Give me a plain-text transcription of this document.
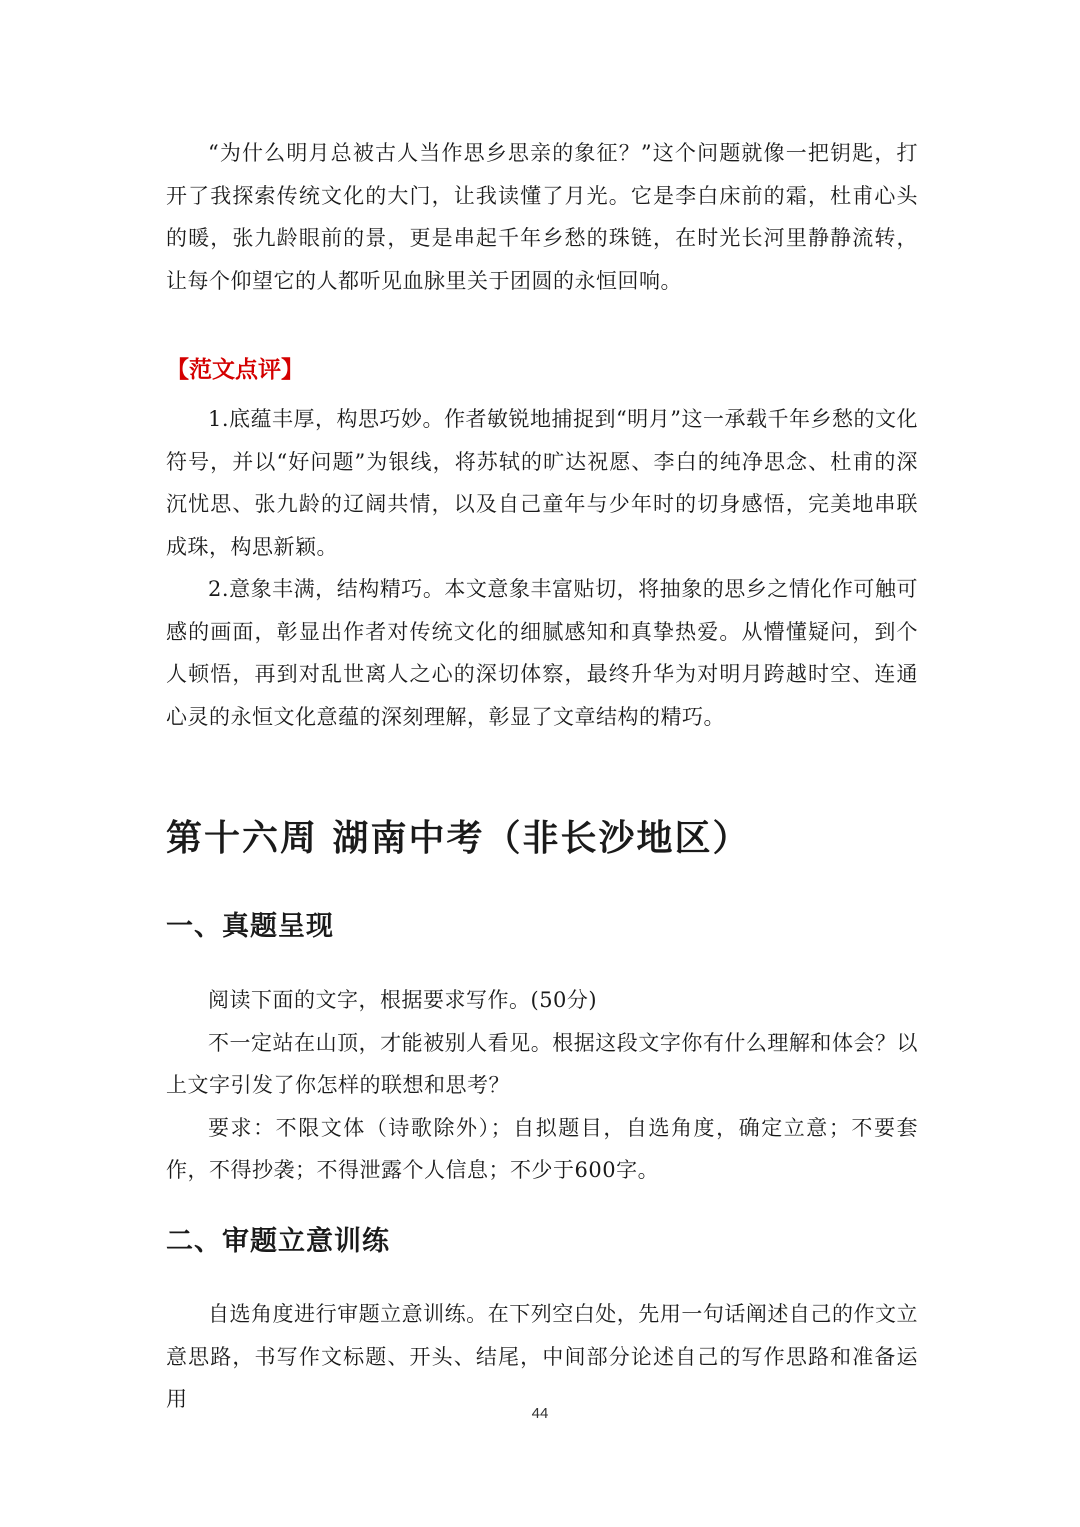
“为什么明月总被古人当作思乡思亲的象征？”这个问题就像一把钥匙，打开了我探索传统文化的大门，让我读懂了月光。它是李白床前的霜，杜甫心头的暖，张九龄眼前的景，更是串起千年乡愁的珠链，在时光长河里静静流转，让每个仰望它的人都听见血脉里关于团圆的永恒回响。

【范文点评】

1.底蕴丰厚，构思巧妙。作者敏锐地捕捉到“明月”这一承载千年乡愁的文化符号，并以“好问题”为银线，将苏轼的旷达祝愿、李白的纯净思念、杜甫的深沉忧思、张九龄的辽阔共情，以及自己童年与少年时的切身感悟，完美地串联成珠，构思新颖。

2.意象丰满，结构精巧。本文意象丰富贴切，将抽象的思乡之情化作可触可感的画面，彰显出作者对传统文化的细腻感知和真挚热爱。从懵懂疑问，到个人顿悟，再到对乱世离人之心的深切体察，最终升华为对明月跨越时空、连通心灵的永恒文化意蕴的深刻理解，彰显了文章结构的精巧。

第十六周 湖南中考（非长沙地区）
一、真题呈现

阅读下面的文字，根据要求写作。(50分)

不一定站在山顶，才能被别人看见。根据这段文字你有什么理解和体会？以上文字引发了你怎样的联想和思考？

要求：不限文体（诗歌除外）；自拟题目，自选角度，确定立意；不要套作，不得抄袭；不得泄露个人信息；不少于600字。

二、审题立意训练

自选角度进行审题立意训练。在下列空白处，先用一句话阐述自己的作文立意思路，书写作文标题、开头、结尾，中间部分论述自己的写作思路和准备运用

44
